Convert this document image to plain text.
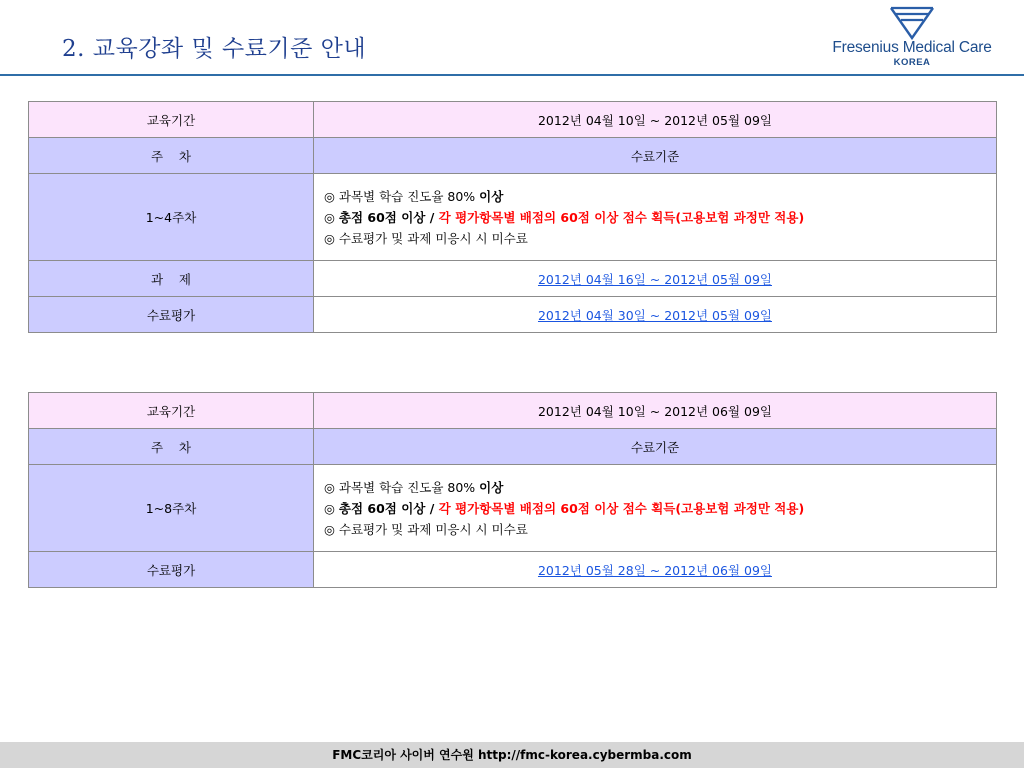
2. 교육강좌 및 수료기준 안내	Fresenius Medical Care
KOREA
교육기간	2012년 04월 10일 ~ 2012년 05월 09일
주    차	수료기준
1~4주차	◎ 과목별 학습 진도율 80% 이상
◎ 총점 60점 이상 / 각 평가항목별 배점의 60점 이상 점수 획득(고용보험 과정만 적용)
◎ 수료평가 및 과제 미응시 시 미수료

과    제	2012년 04월 16일 ~ 2012년 05월 09일
수료평가	2012년 04월 30일 ~ 2012년 05월 09일
교육기간	2012년 04월 10일 ~ 2012년 06월 09일
주    차	수료기준
1~8주차	◎ 과목별 학습 진도율 80% 이상
◎ 총점 60점 이상 / 각 평가항목별 배점의 60점 이상 점수 획득(고용보험 과정만 적용)
◎ 수료평가 및 과제 미응시 시 미수료

수료평가	2012년 05월 28일 ~ 2012년 06월 09일
FMC코리아 사이버 연수원 http://fmc-korea.cybermba.com
